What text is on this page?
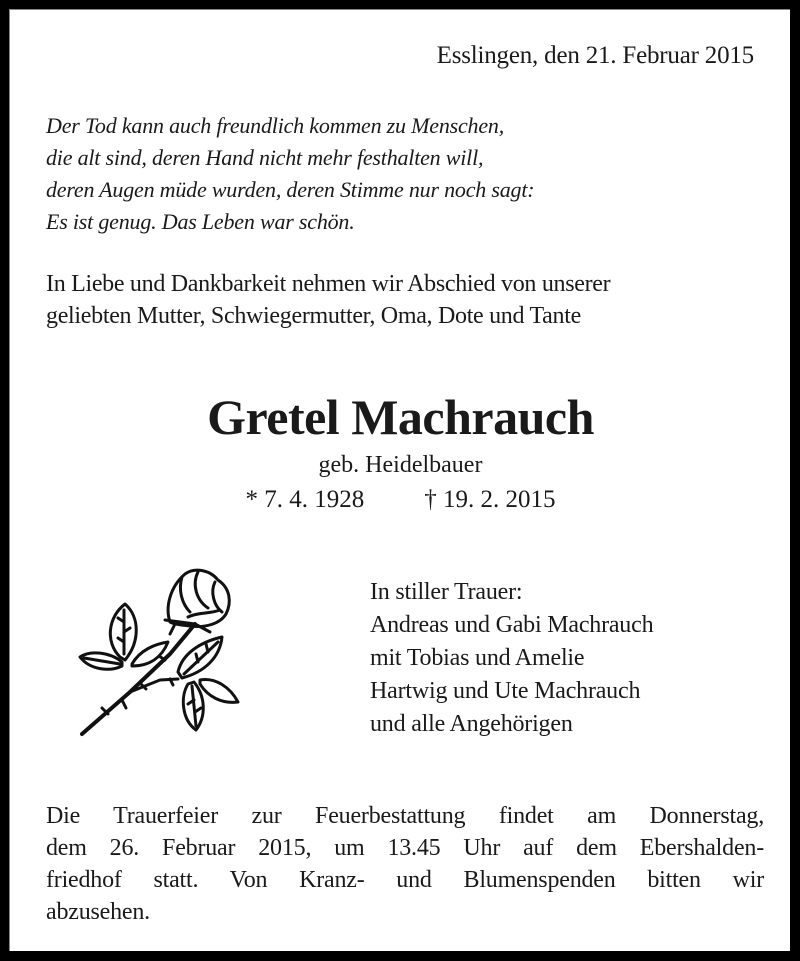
Esslingen, den 21. Februar 2015
Der Tod kann auch freundlich kommen zu Menschen,
die alt sind, deren Hand nicht mehr festhalten will,
deren Augen müde wurden, deren Stimme nur noch sagt:
Es ist genug. Das Leben war schön.
In Liebe und Dankbarkeit nehmen wir Abschied von unserer
geliebten Mutter, Schwiegermutter, Oma, Dote und Tante
Gretel Machrauch
geb. Heidelbauer
* 7. 4. 1928 † 19. 2. 2015
In stiller Trauer:
Andreas und Gabi Machrauch
mit Tobias und Amelie
Hartwig und Ute Machrauch
und alle Angehörigen
Die Trauerfeier zur Feuerbestattung findet am Donnerstag,
dem 26. Februar 2015, um 13.45 Uhr auf dem Ebershalden-
friedhof statt. Von Kranz- und Blumenspenden bitten wir
abzusehen.
